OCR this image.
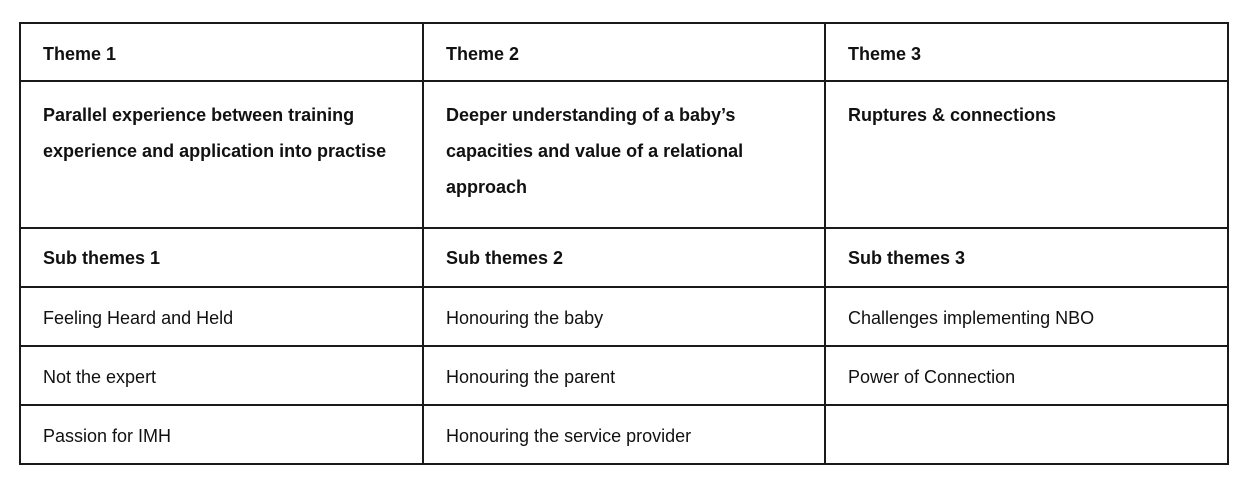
Theme 1	Theme 2	Theme 3

Parallel experience between training experience and application into practise	Deeper understanding of a baby’s capacities and value of a relational approach	Ruptures & connections

Sub themes 1	Sub themes 2	Sub themes 3

Feeling Heard and Held	Honouring the baby	Challenges implementing NBO

Not the expert	Honouring the parent	Power of Connection

Passion for IMH	Honouring the service provider	
